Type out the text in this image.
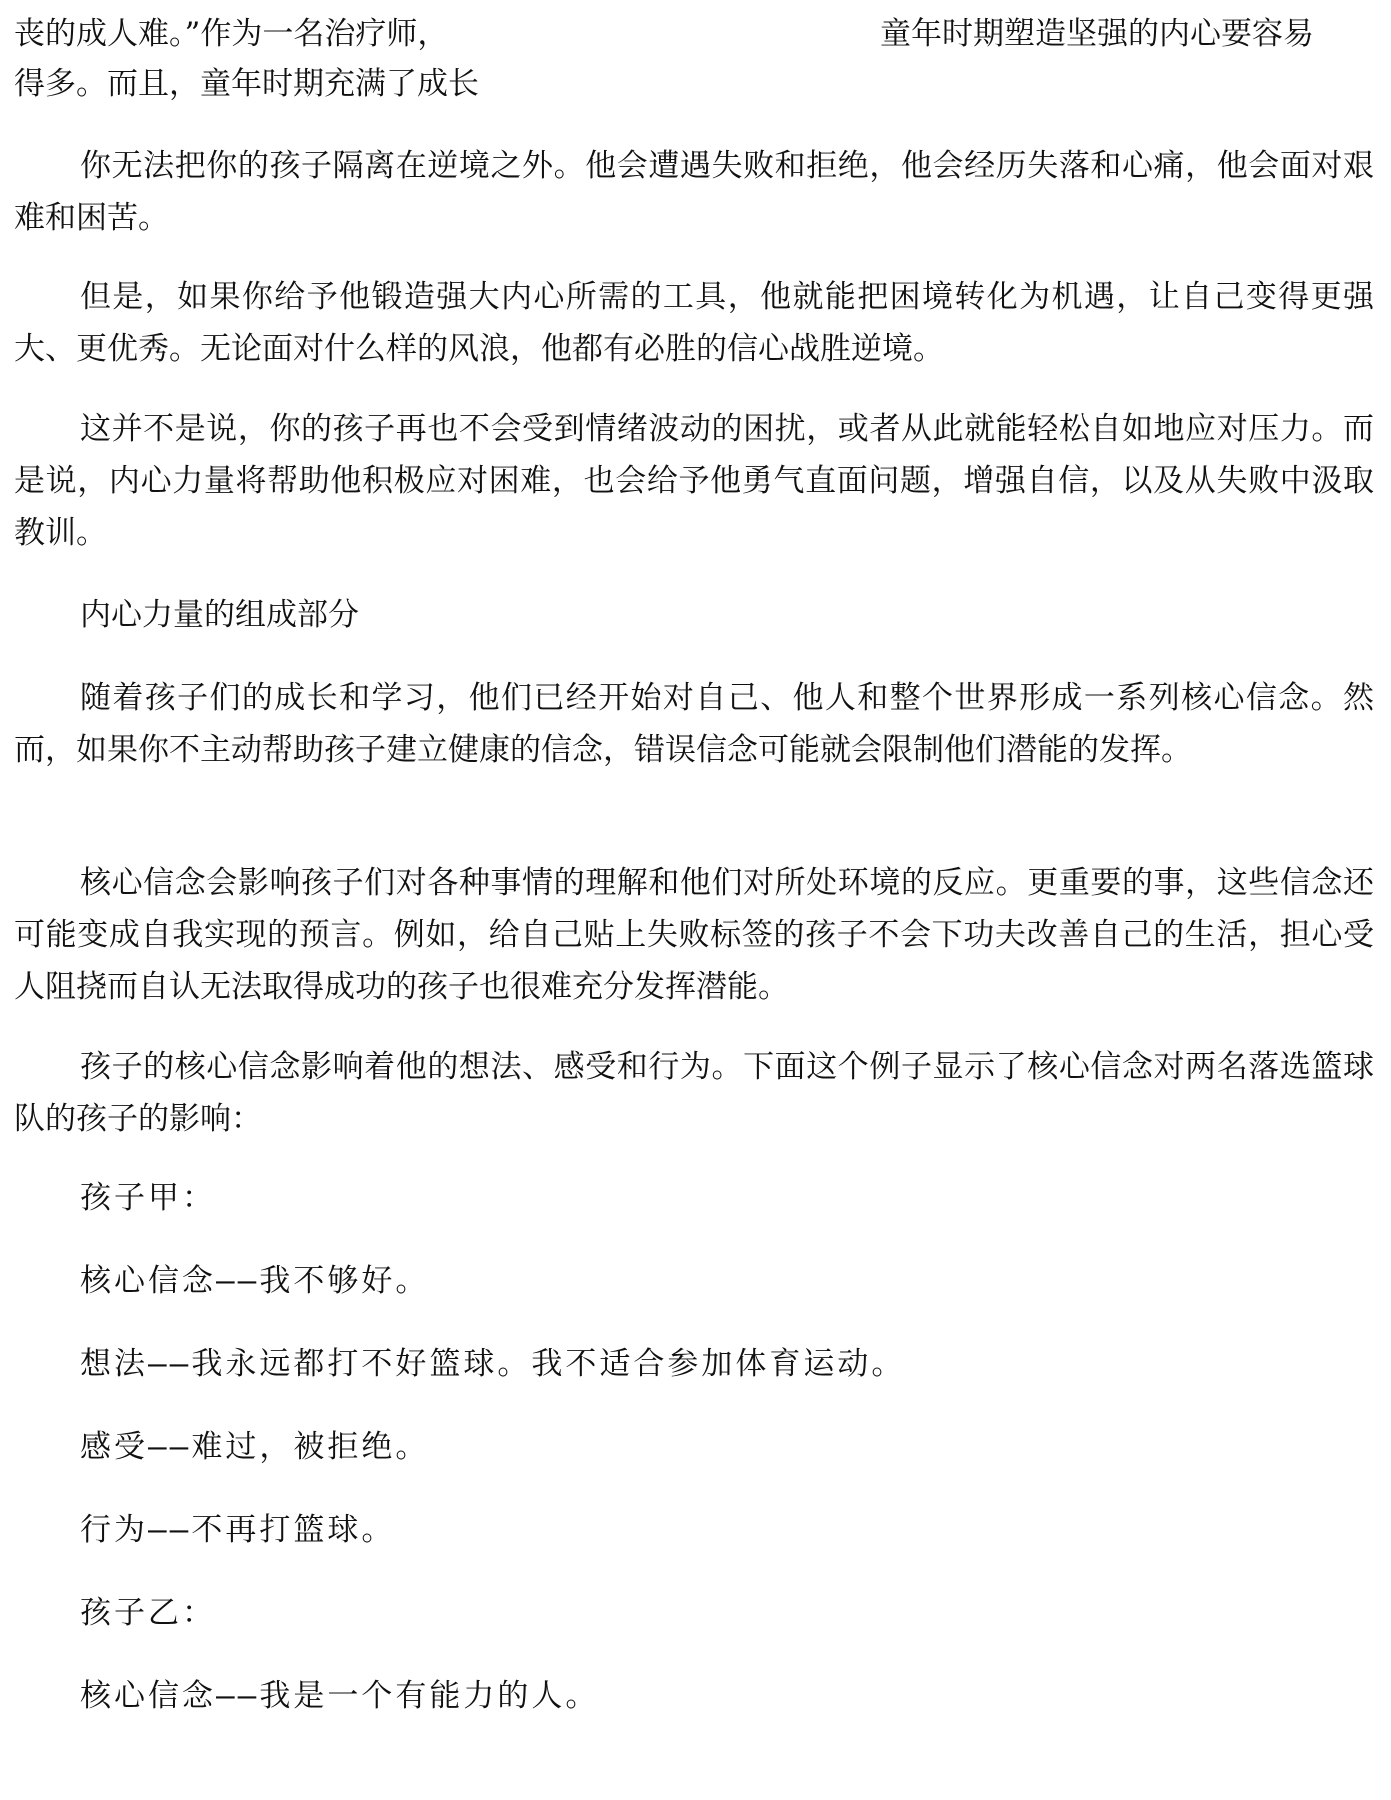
丧的成人难。”作为一名治疗师，	童年时期塑造坚强的内心要容易
得多。而且，童年时期充满了成长

你无法把你的孩子隔离在逆境之外。他会遭遇失败和拒绝，他会经历失落和心痛，他会面对艰难和困苦。

但是，如果你给予他锻造强大内心所需的工具，他就能把困境转化为机遇，让自己变得更强大、更优秀。无论面对什么样的风浪，他都有必胜的信心战胜逆境。

这并不是说，你的孩子再也不会受到情绪波动的困扰，或者从此就能轻松自如地应对压力。而是说，内心力量将帮助他积极应对困难，也会给予他勇气直面问题，增强自信，以及从失败中汲取教训。

内心力量的组成部分

随着孩子们的成长和学习，他们已经开始对自己、他人和整个世界形成一系列核心信念。然而，如果你不主动帮助孩子建立健康的信念，错误信念可能就会限制他们潜能的发挥。

核心信念会影响孩子们对各种事情的理解和他们对所处环境的反应。更重要的事，这些信念还可能变成自我实现的预言。例如，给自己贴上失败标签的孩子不会下功夫改善自己的生活，担心受人阻挠而自认无法取得成功的孩子也很难充分发挥潜能。

孩子的核心信念影响着他的想法、感受和行为。下面这个例子显示了核心信念对两名落选篮球队的孩子的影响：

孩子甲：

核心信念——我不够好。

想法——我永远都打不好篮球。我不适合参加体育运动。

感受——难过，被拒绝。

行为——不再打篮球。

孩子乙：

核心信念——我是一个有能力的人。
